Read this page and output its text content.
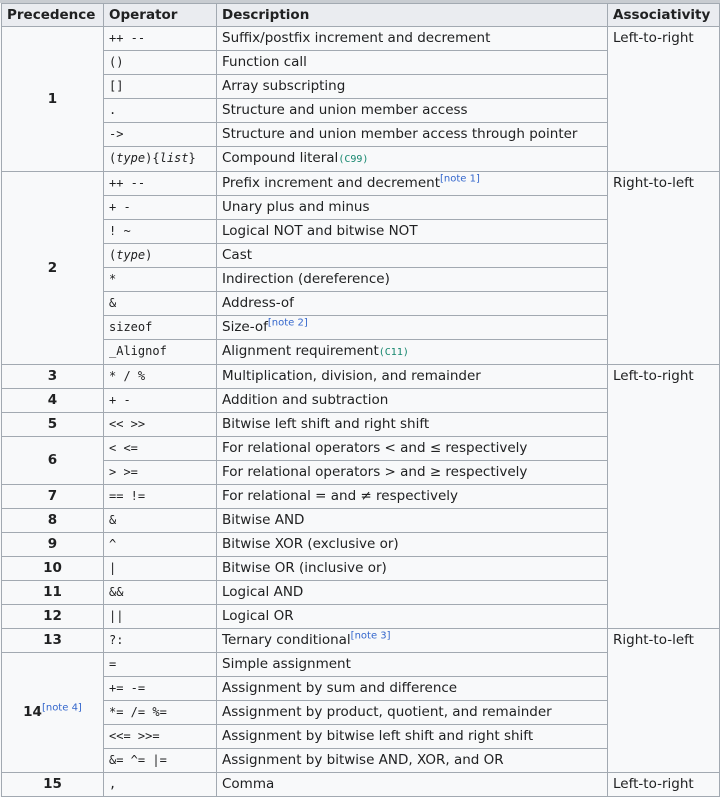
Precedence	Operator	Description	Associativity
1	++ --	Suffix/postfix increment and decrement	Left-to-right
	()	Function call	
	[]	Array subscripting	
	.	Structure and union member access	
	->	Structure and union member access through pointer	
	(type){list}	Compound literal(C99)	
2	++ --	Prefix increment and decrement[note 1]	Right-to-left
	+ -	Unary plus and minus	
	! ~	Logical NOT and bitwise NOT	
	(type)	Cast	
	*	Indirection (dereference)	
	&	Address-of	
	sizeof	Size-of[note 2]
	_Alignof	Alignment requirement(C11)	
3	* / %	Multiplication, division, and remainder	Left-to-right
4	+ -	Addition and subtraction	
5	<< >>	Bitwise left shift and right shift	
6	< <=	For relational operators < and ≤ respectively	
	> >=	For relational operators > and ≥ respectively	
7	== !=	For relational = and ≠ respectively	
8	&	Bitwise AND	
9	^	Bitwise XOR (exclusive or)	
10	|	Bitwise OR (inclusive or)	
11	&&	Logical AND	
12	||	Logical OR	
13	?:	Ternary conditional[note 3]	Right-to-left
14[note 4]	=	Simple assignment	
	+= -=	Assignment by sum and difference	
	*= /= %=	Assignment by product, quotient, and remainder	
	<<= >>=	Assignment by bitwise left shift and right shift	
	&= ^= |=	Assignment by bitwise AND, XOR, and OR	
15	,	Comma	Left-to-right
